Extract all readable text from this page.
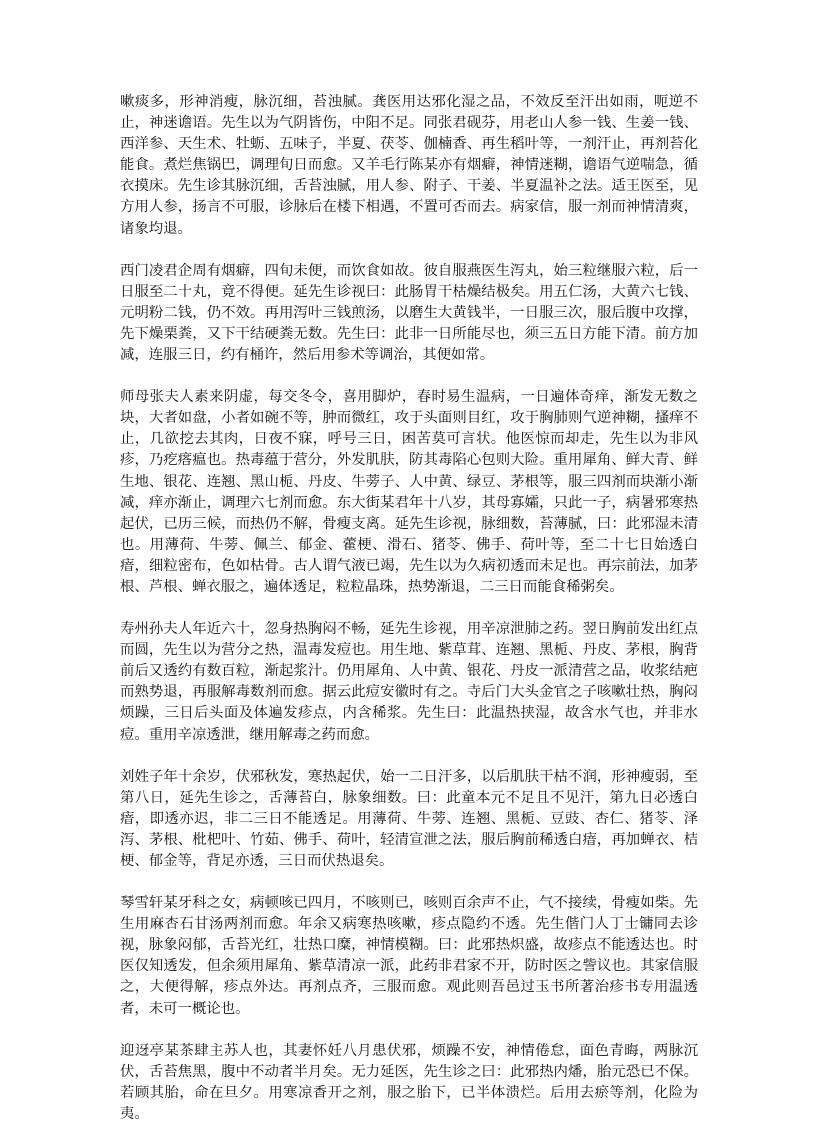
嗽痰多，形神消瘦，脉沉细，苔浊腻。龚医用达邪化湿之品，不效反至汗出如雨，呃逆不止，神迷谵语。先生以为气阴皆伤，中阳不足。同张君砚芬，用老山人参一钱、生姜一钱、西洋参、天生术、牡蛎、五味子，半夏、茯苓、伽楠香、再生稻叶等，一剂汗止，再剂苔化能食。煮烂焦锅巴，调理旬日而愈。又羊毛行陈某亦有烟癖，神情迷糊，谵语气逆喘急，循衣摸床。先生诊其脉沉细，舌苔浊腻，用人参、附子、干姜、半夏温补之法。适王医至，见方用人参，扬言不可服，诊脉后在楼下相遇，不置可否而去。病家信，服一剂而神情清爽，诸象均退。

西门凌君企周有烟癖，四旬未便，而饮食如故。彼自服燕医生泻丸，始三粒继服六粒，后一日服至二十丸，竟不得便。延先生诊视曰：此肠胃干枯燥结极矣。用五仁汤，大黄六七钱、元明粉二钱，仍不效。再用泻叶三钱煎汤，以磨生大黄钱半，一日服三次，服后腹中攻撑，先下燥栗粪，又下干结硬粪无数。先生曰：此非一日所能尽也，须三五日方能下清。前方加减，连服三日，约有桶许，然后用参术等调治，其便如常。

师母张夫人素来阴虚，每交冬令，喜用脚炉，春时易生温病，一日遍体奇痒，渐发无数之块，大者如盘，小者如碗不等，肿而微红，攻于头面则目红，攻于胸肺则气逆神糊，搔痒不止，几欲挖去其肉，日夜不寐，呼号三日，困苦莫可言状。他医惊而却走，先生以为非风疹，乃疙瘩瘟也。热毒蕴于营分，外发肌肤，防其毒陷心包则大险。重用犀角、鲜大青、鲜生地、银花、连翘、黑山栀、丹皮、牛蒡子、人中黄、绿豆、茅根等，服三四剂而块渐小渐减，痒亦渐止，调理六七剂而愈。东大街某君年十八岁，其母寡孀，只此一子，病暑邪寒热起伏，已历三候，而热仍不解，骨瘦支离。延先生诊视，脉细数，苔薄腻，曰：此邪湿未清也。用薄荷、牛蒡、佩兰、郁金、藿梗、滑石、猪苓、佛手、荷叶等，至二十七日始透白瘖，细粒密布，色如枯骨。古人谓气液已竭，先生以为久病初透而未足也。再宗前法，加茅根、芦根、蝉衣服之，遍体透足，粒粒晶珠，热势渐退，二三日而能食稀粥矣。

寿州孙夫人年近六十，忽身热胸闷不畅，延先生诊视，用辛凉泄肺之药。翌日胸前发出红点而圆，先生以为营分之热，温毒发痘也。用生地、紫草茸、连翘、黑栀、丹皮、茅根，胸背前后又透约有数百粒，渐起浆汁。仍用犀角、人中黄、银花、丹皮一派清营之品，收浆结疤而熟势退，再服解毒数剂而愈。据云此痘安徽时有之。寺后门大头金官之子咳嗽壮热，胸闷烦躁，三日后头面及体遍发疹点，内含稀浆。先生曰：此温热挟湿，故含水气也，并非水痘。重用辛凉透泄，继用解毒之药而愈。

刘姓子年十余岁，伏邪秋发，寒热起伏，始一二日汗多，以后肌肤干枯不润，形神瘦弱，至第八日，延先生诊之，舌薄苔白，脉象细数。曰：此童本元不足且不见汗，第九日必透白瘖，即透亦迟，非二三日不能透足。用薄荷、牛蒡、连翘、黑栀、豆豉、杏仁、猪苓、泽泻、茅根、枇杷叶、竹茹、佛手、荷叶，轻清宣泄之法，服后胸前稀透白瘖，再加蝉衣、桔梗、郁金等，背足亦透，三日而伏热退矣。

琴雪轩某牙科之女，病顿咳已四月，不咳则已，咳则百余声不止，气不接续，骨瘦如柴。先生用麻杏石甘汤两剂而愈。年余又病寒热咳嗽，疹点隐约不透。先生偕门人丁士镛同去诊视，脉象闷郁，舌苔光红，壮热口糜，神情模糊。曰：此邪热炽盛，故疹点不能透达也。时医仅知透发，但余须用犀角、紫草清凉一派，此药非君家不开，防时医之訾议也。其家信服之，大便得解，疹点外达。再剂点齐，三服而愈。观此则吾邑过玉书所著治疹书专用温透者，未可一概论也。

迎迓亭某茶肆主苏人也，其妻怀妊八月患伏邪，烦躁不安，神情倦怠，面色青晦，两脉沉伏，舌苔焦黑，腹中不动者半月矣。无力延医，先生诊之曰：此邪热内燔，胎元恐已不保。若顾其胎，命在旦夕。用寒凉香开之剂，服之胎下，已半体溃烂。后用去瘀等剂，化险为夷。
